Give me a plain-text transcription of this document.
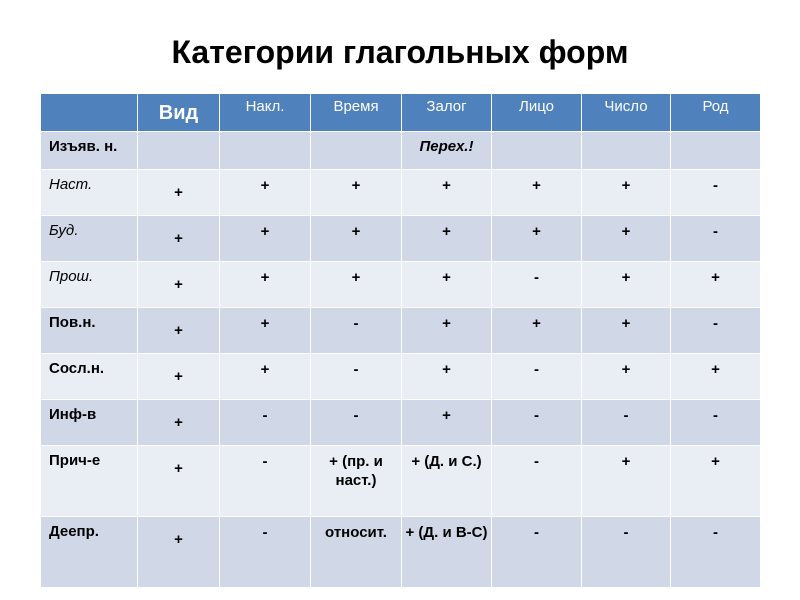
Категории глагольных форм
	Вид	Накл.	Время	Залог	Лицо	Число	Род
Изъяв. н.				Перех.!			
Наст.	+	+	+	+	+	+	-
Буд.	+	+	+	+	+	+	-
Прош.	+	+	+	+	-	+	+
Пов.н.	+	+	-	+	+	+	-
Сосл.н.	+	+	-	+	-	+	+
Инф-в	+	-	-	+	-	-	-
Прич-е	+	-	+ (пр. и наст.)	+ (Д. и С.)	-	+	+
Деепр.	+	-	относит.	+ (Д. и В-С)	-	-	-
